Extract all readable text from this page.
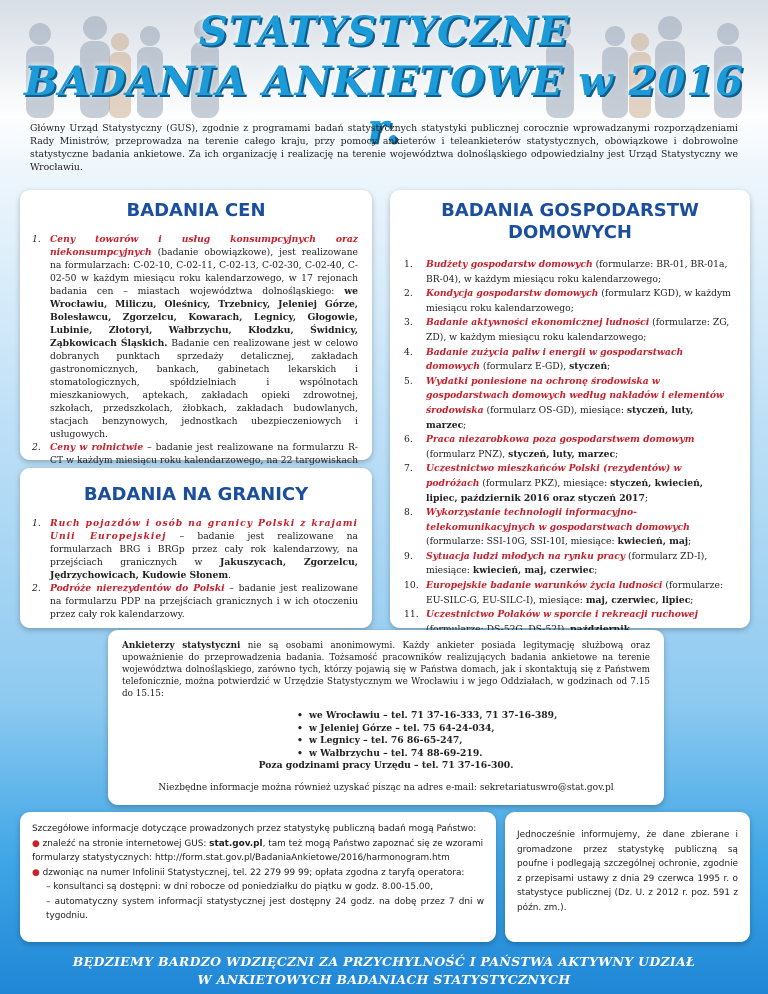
STATYSTYCZNE
BADANIA ANKIETOWE w 2016 r.

Główny Urząd Statystyczny (GUS), zgodnie z programami badań statystycznych statystyki publicznej corocznie wprowadzanymi rozporządzeniami Rady Ministrów, przeprowadza na terenie całego kraju, przy pomocy ankieterów i teleankieterów statystycznych, obowiązkowe i dobrowolne statystyczne badania ankietowe. Za ich organizację i realizację na terenie województwa dolnośląskiego odpowiedzialny jest Urząd Statystyczny we Wrocławiu.

BADANIA CEN
1. Ceny towarów i usług konsumpcyjnych oraz niekonsumpcyjnych (badanie obowiązkowe), jest realizowane na formularzach: C-02-10, C-02-11, C-02-13, C-02-30, C-02-40, C-02-50 w każdym miesiącu roku kalendarzowego, w 17 rejonach badania cen – miastach województwa dolnośląskiego: we Wrocławiu, Miliczu, Oleśnicy, Trzebnicy, Jeleniej Górze, Bolesławcu, Zgorzelcu, Kowarach, Legnicy, Głogowie, Lubinie, Złotoryi, Wałbrzychu, Kłodzku, Świdnicy, Ząbkowicach Śląskich. Badanie cen realizowane jest w celowo dobranych punktach sprzedaży detalicznej, zakładach gastronomicznych, bankach, gabinetach lekarskich i stomatologicznych, spółdzielniach i wspólnotach mieszkaniowych, aptekach, zakładach opieki zdrowotnej, szkołach, przedszkolach, żłobkach, zakładach budowlanych, stacjach benzynowych, jednostkach ubezpieczeniowych i usługowych.
2. Ceny w rolnictwie – badanie jest realizowane na formularzu R-CT w każdym miesiącu roku kalendarzowego, na 22 targowiskach
BADANIA NA GRANICY
1. Ruch pojazdów i osób na granicy Polski z krajami Unii Europejskiej – badanie jest realizowane na formularzach BRG i BRGp przez cały rok kalendarzowy, na przejściach granicznych w Jakuszycach, Zgorzelcu, Jędrzychowicach, Kudowie Słonem.
2. Podróże nierezydentów do Polski – badanie jest realizowane na formularzu PDP na przejściach granicznych i w ich otoczeniu przez cały rok kalendarzowy.
BADANIA GOSPODARSTW
DOMOWYCH
1. Budżety gospodarstw domowych (formularze: BR-01, BR-01a, BR-04), w każdym miesiącu roku kalendarzowego;
2. Kondycja gospodarstw domowych (formularz KGD), w każdym miesiącu roku kalendarzowego;
3. Badanie aktywności ekonomicznej ludności (formularze: ZG, ZD), w każdym miesiącu roku kalendarzowego;
4. Badanie zużycia paliw i energii w gospodarstwach domowych (formularz E-GD), styczeń;
5. Wydatki poniesione na ochronę środowiska w gospodarstwach domowych według nakładów i elementów środowiska (formularz OS-GD), miesiące: styczeń, luty, marzec;
6. Praca niezarobkowa poza gospodarstwem domowym (formularz PNZ), styczeń, luty, marzec;
7. Uczestnictwo mieszkańców Polski (rezydentów) w podróżach (formularz PKZ), miesiące: styczeń, kwiecień, lipiec, październik 2016 oraz styczeń 2017;
8. Wykorzystanie technologii informacyjno-telekomunikacyjnych w gospodarstwach domowych (formularze: SSI-10G, SSI-10I, miesiące: kwiecień, maj;
9. Sytuacja ludzi młodych na rynku pracy (formularz ZD-I), miesiące: kwiecień, maj, czerwiec;
10. Europejskie badanie warunków życia ludności (formularze: EU-SILC-G, EU-SILC-I), miesiące: maj, czerwiec, lipiec;
11. Uczestnictwo Polaków w sporcie i rekreacji ruchowej

Ankieterzy statystyczni nie są osobami anonimowymi. Każdy ankieter posiada legitymację służbową oraz upoważnienie do przeprowadzenia badania. Tożsamość pracowników realizujących badania ankietowe na terenie województwa dolnośląskiego, zarówno tych, którzy pojawią się w Państwa domach, jak i skontaktują się z Państwem telefonicznie, można potwierdzić w Urzędzie Statystycznym we Wrocławiu i w jego Oddziałach, w godzinach od 7.15 do 15.15:

• we Wrocławiu – tel. 71 37-16-333, 71 37-16-389,
• w Jeleniej Górze – tel. 75 64-24-034,
• w Legnicy – tel. 76 86-65-247,
• w Wałbrzychu – tel. 74 88-69-219.
Poza godzinami pracy Urzędu – tel. 71 37-16-300.
Niezbędne informacje można również uzyskać pisząc na adres e-mail: sekretariatuswro@stat.gov.pl
Szczegółowe informacje dotyczące prowadzonych przez statystykę publiczną badań mogą Państwo:
● znaleźć na stronie internetowej GUS: stat.gov.pl, tam też mogą Państwo zapoznać się ze wzorami formularzy statystycznych: http://form.stat.gov.pl/BadaniaAnkietowe/2016/harmonogram.htm
● dzwoniąc na numer Infolinii Statystycznej, tel. 22 279 99 99; opłata zgodna z taryfą operatora:
– konsultanci są dostępni: w dni robocze od poniedziałku do piątku w godz. 8.00-15.00,
– automatyczny system informacji statystycznej jest dostępny 24 godz. na dobę przez 7 dni w tygodniu.

Jednocześnie informujemy, że dane zbierane i gromadzone przez statystykę publiczną są poufne i podlegają szczególnej ochronie, zgodnie z przepisami ustawy z dnia 29 czerwca 1995 r. o statystyce publicznej (Dz. U. z 2012 r. poz. 591 z późn. zm.).

BĘDZIEMY BARDZO WDZIĘCZNI ZA PRZYCHYLNOŚĆ I PAŃSTWA AKTYWNY UDZIAŁ
W ANKIETOWYCH BADANIACH STATYSTYCZNYCH
